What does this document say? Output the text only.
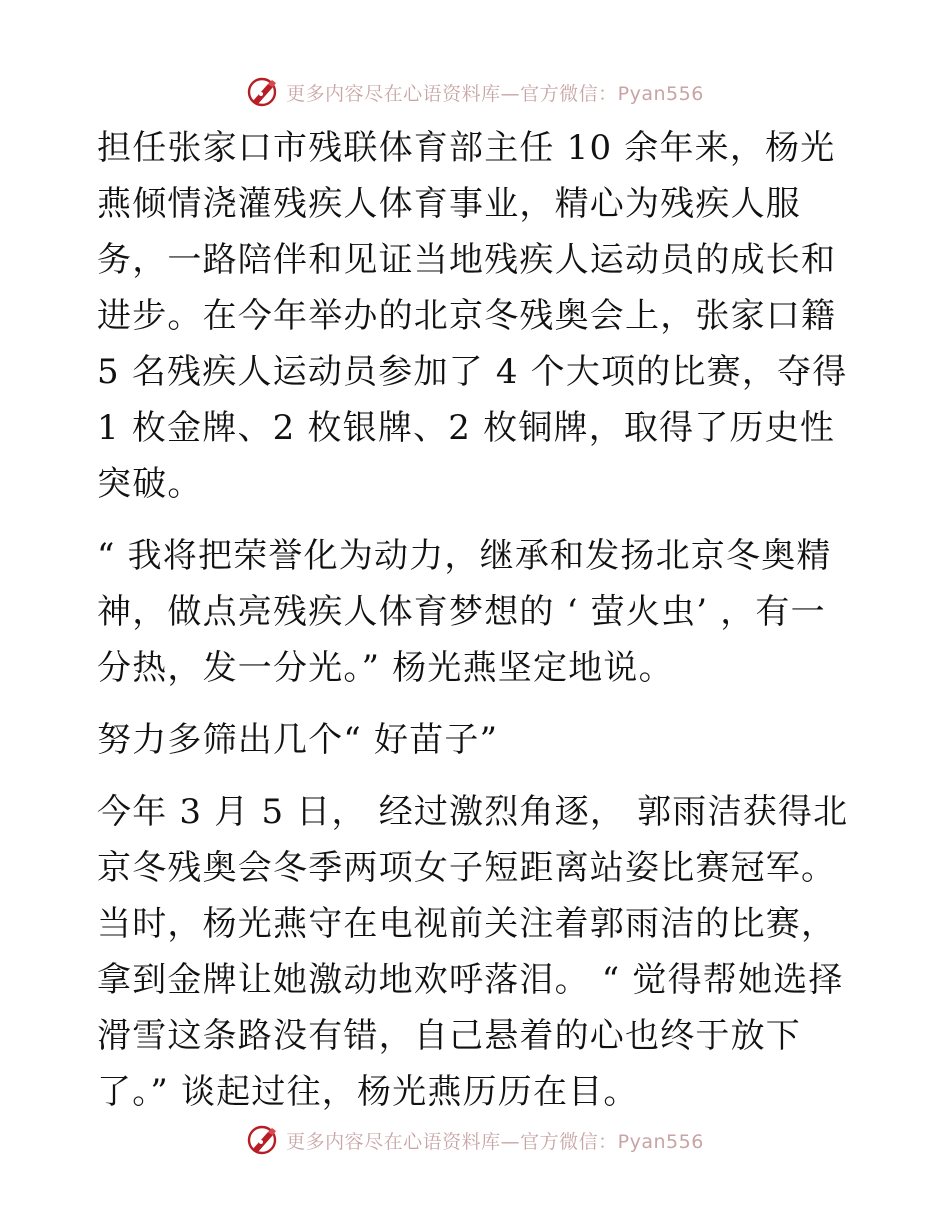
更多内容尽在心语资料库—官方微信：Pyan556

担任张家口市残联体育部主任 10 余年来，杨光燕倾情浇灌残疾人体育事业，精心为残疾人服务，一路陪伴和见证当地残疾人运动员的成长和进步。在今年举办的北京冬残奥会上，张家口籍 5 名残疾人运动员参加了 4 个大项的比赛，夺得 1 枚金牌、2 枚银牌、2 枚铜牌，取得了历史性突破。

“ 我将把荣誉化为动力，继承和发扬北京冬奥精神，做点亮残疾人体育梦想的 ‘ 萤火虫’ ，有一分热，发一分光。” 杨光燕坚定地说。

努力多筛出几个“ 好苗子”

今年 3 月 5 日， 经过激烈角逐， 郭雨洁获得北京冬残奥会冬季两项女子短距离站姿比赛冠军。当时，杨光燕守在电视前关注着郭雨洁的比赛，拿到金牌让她激动地欢呼落泪。 “ 觉得帮她选择滑雪这条路没有错，自己悬着的心也终于放下了。” 谈起过往，杨光燕历历在目。

更多内容尽在心语资料库—官方微信：Pyan556
